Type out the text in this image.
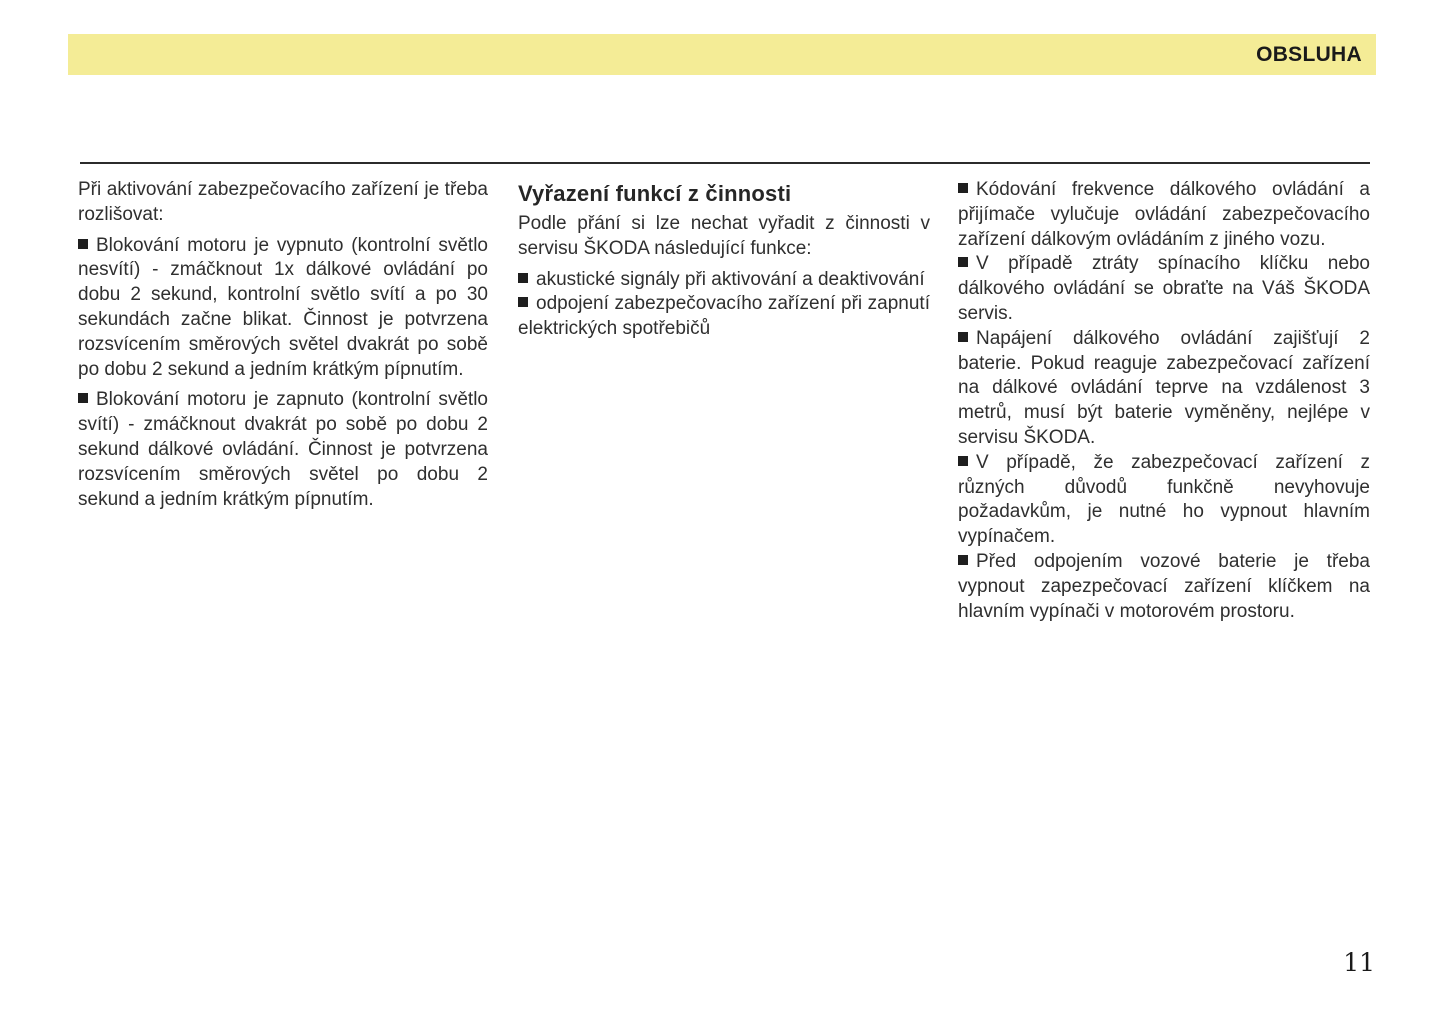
OBSLUHA

Při aktivování zabezpečovacího zařízení je třeba rozlišovat:

Blokování motoru je vypnuto (kontrolní světlo nesvítí) - zmáčknout 1x dálkové ovládání po dobu 2 sekund, kontrolní světlo svítí a po 30 sekundách začne blikat. Činnost je potvrzena rozsvícením směrových světel dvakrát po sobě po dobu 2 sekund a jedním krátkým pípnutím.

Blokování motoru je zapnuto (kontrolní světlo svítí) - zmáčknout dvakrát po sobě po dobu 2 sekund dálkové ovládání. Činnost je potvrzena rozsvícením směrových světel po dobu 2 sekund a jedním krátkým pípnutím.

Vyřazení funkcí z činnosti

Podle přání si lze nechat vyřadit z činnosti v servisu ŠKODA následující funkce:

akustické signály při aktivování a deaktivování

odpojení zabezpečovacího zařízení při zapnutí elektrických spotřebičů

Kódování frekvence dálkového ovládání a přijímače vylučuje ovládání zabezpečovacího zařízení dálkovým ovládáním z jiného vozu.

V případě ztráty spínacího klíčku nebo dálkového ovládání se obraťte na Váš ŠKODA servis.

Napájení dálkového ovládání zajišťují 2 baterie. Pokud reaguje zabezpečovací zařízení na dálkové ovládání teprve na vzdálenost 3 metrů, musí být baterie vyměněny, nejlépe v servisu ŠKODA.

V případě, že zabezpečovací zařízení z různých důvodů funkčně nevyhovuje požadavkům, je nutné ho vypnout hlavním vypínačem.

Před odpojením vozové baterie je třeba vypnout zapezpečovací zařízení klíčkem na hlavním vypínači v motorovém prostoru.

11
